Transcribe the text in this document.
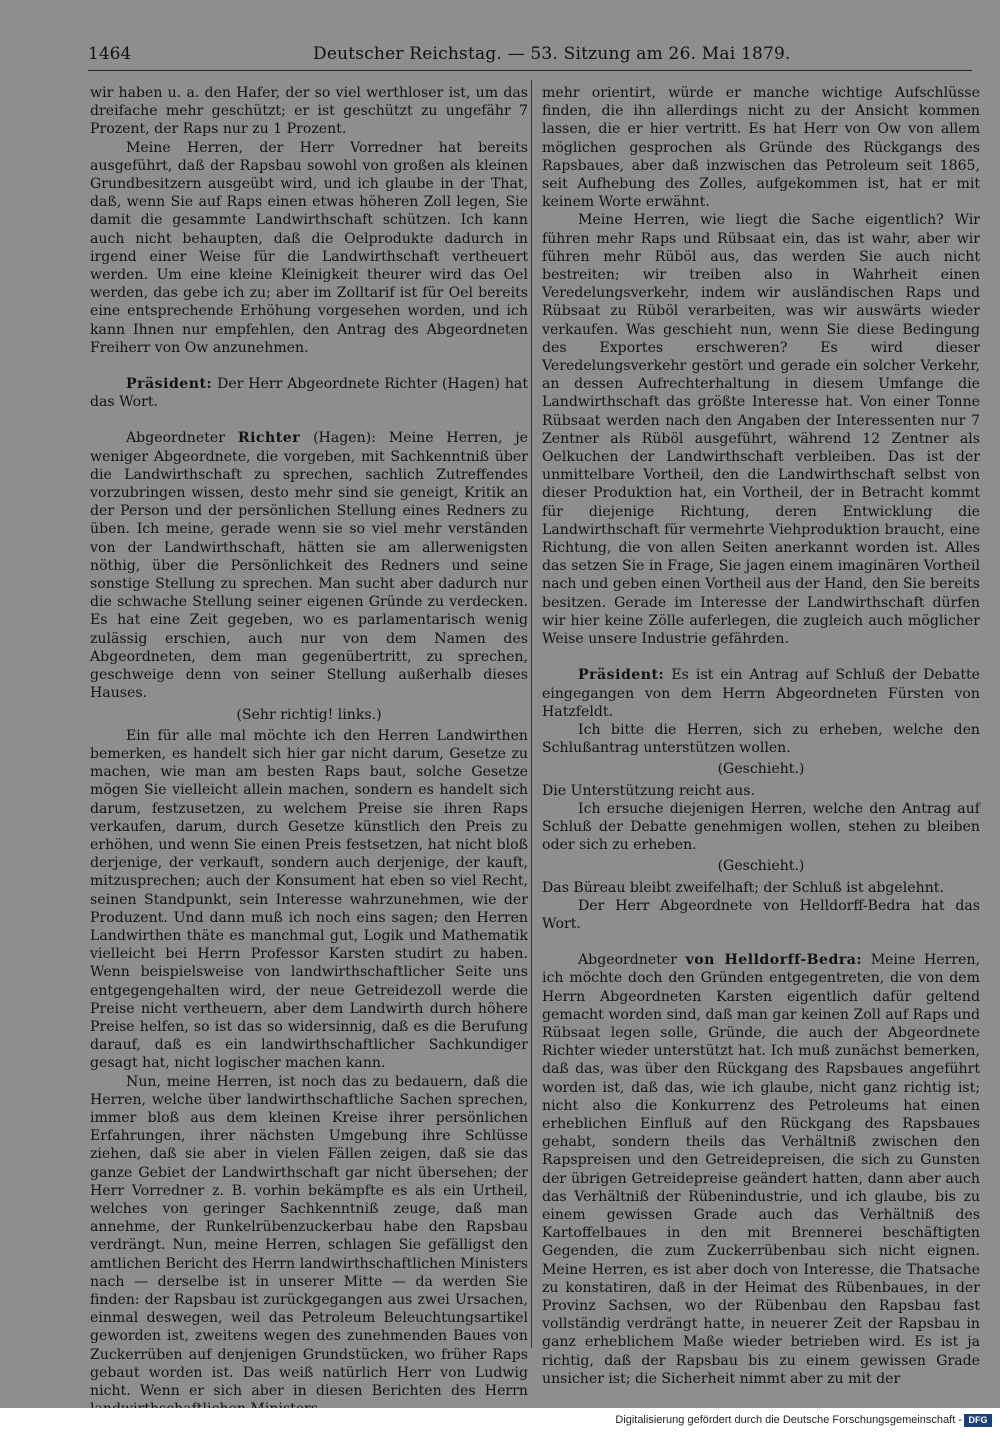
1464	Deutscher Reichstag. — 53. Sitzung am 26. Mai 1879.

wir haben u. a. den Hafer, der so viel werthloser ist, um das dreifache mehr geschützt; er ist geschützt zu ungefähr 7 Prozent, der Raps nur zu 1 Prozent.

Meine Herren, der Herr Vorredner hat bereits ausgeführt, daß der Rapsbau sowohl von großen als kleinen Grundbesitzern ausgeübt wird, und ich glaube in der That, daß, wenn Sie auf Raps einen etwas höheren Zoll legen, Sie damit die gesammte Landwirthschaft schützen. Ich kann auch nicht behaupten, daß die Oelprodukte dadurch in irgend einer Weise für die Landwirthschaft vertheuert werden. Um eine kleine Kleinigkeit theurer wird das Oel werden, das gebe ich zu; aber im Zolltarif ist für Oel bereits eine entsprechende Erhöhung vorgesehen worden, und ich kann Ihnen nur empfehlen, den Antrag des Abgeordneten Freiherr von Ow anzunehmen.

Präsident: Der Herr Abgeordnete Richter (Hagen) hat das Wort.

Abgeordneter Richter (Hagen): Meine Herren, je weniger Abgeordnete, die vorgeben, mit Sachkenntniß über die Landwirthschaft zu sprechen, sachlich Zutreffendes vorzubringen wissen, desto mehr sind sie geneigt, Kritik an der Person und der persönlichen Stellung eines Redners zu üben. Ich meine, gerade wenn sie so viel mehr verständen von der Landwirthschaft, hätten sie am allerwenigsten nöthig, über die Persönlichkeit des Redners und seine sonstige Stellung zu sprechen. Man sucht aber dadurch nur die schwache Stellung seiner eigenen Gründe zu verdecken. Es hat eine Zeit gegeben, wo es parlamentarisch wenig zulässig erschien, auch nur von dem Namen des Abgeordneten, dem man gegenübertritt, zu sprechen, geschweige denn von seiner Stellung außerhalb dieses Hauses.

(Sehr richtig! links.)

Ein für alle mal möchte ich den Herren Landwirthen bemerken, es handelt sich hier gar nicht darum, Gesetze zu machen, wie man am besten Raps baut, solche Gesetze mögen Sie vielleicht allein machen, sondern es handelt sich darum, festzusetzen, zu welchem Preise sie ihren Raps verkaufen, darum, durch Gesetze künstlich den Preis zu erhöhen, und wenn Sie einen Preis festsetzen, hat nicht bloß derjenige, der verkauft, sondern auch derjenige, der kauft, mitzusprechen; auch der Konsument hat eben so viel Recht, seinen Standpunkt, sein Interesse wahrzunehmen, wie der Produzent. Und dann muß ich noch eins sagen; den Herren Landwirthen thäte es manchmal gut, Logik und Mathematik vielleicht bei Herrn Professor Karsten studirt zu haben. Wenn beispielsweise von landwirthschaftlicher Seite uns entgegengehalten wird, der neue Getreidezoll werde die Preise nicht vertheuern, aber dem Landwirth durch höhere Preise helfen, so ist das so widersinnig, daß es die Berufung darauf, daß es ein landwirthschaftlicher Sachkundiger gesagt hat, nicht logischer machen kann.

Nun, meine Herren, ist noch das zu bedauern, daß die Herren, welche über landwirthschaftliche Sachen sprechen, immer bloß aus dem kleinen Kreise ihrer persönlichen Erfahrungen, ihrer nächsten Umgebung ihre Schlüsse ziehen, daß sie aber in vielen Fällen zeigen, daß sie das ganze Gebiet der Landwirthschaft gar nicht übersehen; der Herr Vorredner z. B. vorhin bekämpfte es als ein Urtheil, welches von geringer Sachkenntniß zeuge, daß man annehme, der Runkelrübenzuckerbau habe den Rapsbau verdrängt. Nun, meine Herren, schlagen Sie gefälligst den amtlichen Bericht des Herrn landwirthschaftlichen Ministers nach — derselbe ist in unserer Mitte — da werden Sie finden: der Rapsbau ist zurückgegangen aus zwei Ursachen, einmal deswegen, weil das Petroleum Beleuchtungsartikel geworden ist, zweitens wegen des zunehmenden Baues von Zuckerrüben auf denjenigen Grundstücken, wo früher Raps gebaut worden ist. Das weiß natürlich Herr von Ludwig nicht. Wenn er sich aber in diesen Berichten des Herrn

mehr orientirt, würde er manche wichtige Aufschlüsse finden, die ihn allerdings nicht zu der Ansicht kommen lassen, die er hier vertritt. Es hat Herr von Ow von allem möglichen gesprochen als Gründe des Rückgangs des Rapsbaues, aber daß inzwischen das Petroleum seit 1865, seit Aufhebung des Zolles, aufgekommen ist, hat er mit keinem Worte erwähnt.

Meine Herren, wie liegt die Sache eigentlich? Wir führen mehr Raps und Rübsaat ein, das ist wahr, aber wir führen mehr Rüböl aus, das werden Sie auch nicht bestreiten; wir treiben also in Wahrheit einen Veredelungsverkehr, indem wir ausländischen Raps und Rübsaat zu Rüböl verarbeiten, was wir auswärts wieder verkaufen. Was geschieht nun, wenn Sie diese Bedingung des Exportes erschweren? Es wird dieser Veredelungsverkehr gestört und gerade ein solcher Verkehr, an dessen Aufrechterhaltung in diesem Umfange die Landwirthschaft das größte Interesse hat. Von einer Tonne Rübsaat werden nach den Angaben der Interessenten nur 7 Zentner als Rüböl ausgeführt, während 12 Zentner als Oelkuchen der Landwirthschaft verbleiben. Das ist der unmittelbare Vortheil, den die Landwirthschaft selbst von dieser Produktion hat, ein Vortheil, der in Betracht kommt für diejenige Richtung, deren Entwicklung die Landwirthschaft für vermehrte Viehproduktion braucht, eine Richtung, die von allen Seiten anerkannt worden ist. Alles das setzen Sie in Frage, Sie jagen einem imaginären Vortheil nach und geben einen Vortheil aus der Hand, den Sie bereits besitzen. Gerade im Interesse der Landwirthschaft dürfen wir hier keine Zölle auferlegen, die zugleich auch möglicher Weise unsere Industrie gefährden.

Präsident: Es ist ein Antrag auf Schluß der Debatte eingegangen von dem Herrn Abgeordneten Fürsten von Hatzfeldt.

Ich bitte die Herren, sich zu erheben, welche den Schlußantrag unterstützen wollen.

(Geschieht.)

Die Unterstützung reicht aus.

Ich ersuche diejenigen Herren, welche den Antrag auf Schluß der Debatte genehmigen wollen, stehen zu bleiben oder sich zu erheben.

(Geschieht.)

Das Büreau bleibt zweifelhaft; der Schluß ist abgelehnt.

Der Herr Abgeordnete von Helldorff-Bedra hat das Wort.

Abgeordneter von Helldorff-Bedra: Meine Herren, ich möchte doch den Gründen entgegentreten, die von dem Herrn Abgeordneten Karsten eigentlich dafür geltend gemacht worden sind, daß man gar keinen Zoll auf Raps und Rübsaat legen solle, Gründe, die auch der Abgeordnete Richter wieder unterstützt hat. Ich muß zunächst bemerken, daß das, was über den Rückgang des Rapsbaues angeführt worden ist, daß das, wie ich glaube, nicht ganz richtig ist; nicht also die Konkurrenz des Petroleums hat einen erheblichen Einfluß auf den Rückgang des Rapsbaues gehabt, sondern theils das Verhältniß zwischen den Rapspreisen und den Getreidepreisen, die sich zu Gunsten der übrigen Getreidepreise geändert hatten, dann aber auch das Verhältniß der Rübenindustrie, und ich glaube, bis zu einem gewissen Grade auch das Verhältniß des Kartoffelbaues in den mit Brennerei beschäftigten Gegenden, die zum Zuckerrübenbau sich nicht eignen. Meine Herren, es ist aber doch von Interesse, die Thatsache zu konstatiren, daß in der Heimat des Rübenbaues, in der Provinz Sachsen, wo der Rübenbau den Rapsbau fast vollständig verdrängt hatte, in neuerer Zeit der Rapsbau in ganz erheblichem Maße wieder betrieben wird. Es ist ja richtig, daß der Rapsbau bis zu einem gewissen Grade unsicher ist; die Sicherheit nimmt aber zu mit der

Digitalisierung gefördert durch die Deutsche Forschungsgemeinschaft - DFG
